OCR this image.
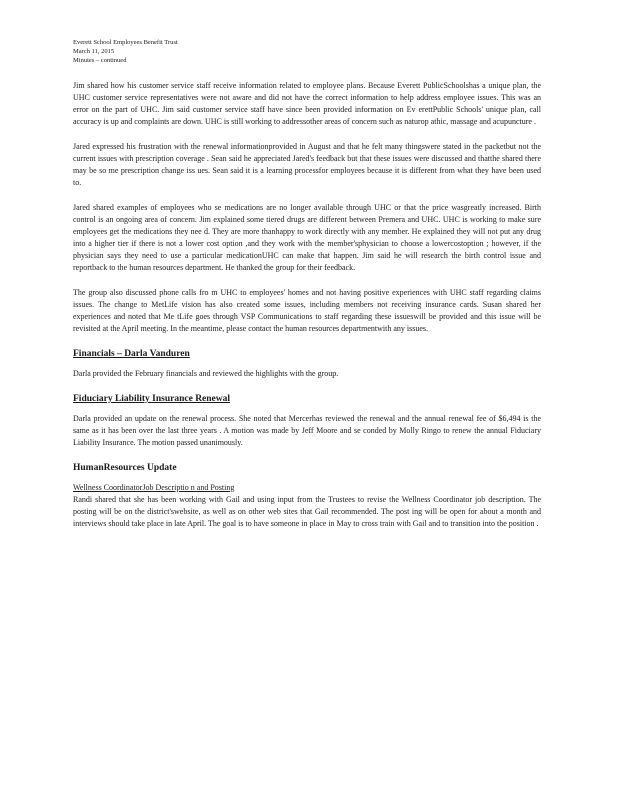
Everett School Employees Benefit Trust
March 11, 2015
Minutes – continued

Jim shared how his customer service staff receive information related to employee plans. Because Everett PublicSchoolshas a unique plan, the UHC customer service representatives were not aware and did not have the correct information to help address employee issues. This was an error on the part of UHC. Jim said customer service staff have since been provided information on Ev erettPublic Schools' unique plan, call accuracy is up and complaints are down. UHC is still working to addressother areas of concern such as naturop athic, massage and acupuncture .

Jared expressed his frustration with the renewal informationprovided in August and that he felt many thingswere stated in the packetbut not the current issues with prescription coverage . Sean said he appreciated Jared's feedback but that these issues were discussed and thatthe shared there may be so me prescription change iss ues. Sean said it is a learning processfor employees because it is different from what they have been used to.

Jared shared examples of employees who se medications are no longer available through UHC or that the price wasgreatly increased. Birth control is an ongoing area of concern. Jim explained some tiered drugs are different between Premera and UHC. UHC is working to make sure employees get the medications they nee d. They are more thanhappy to work directly with any member. He explained they will not put any drug into a higher tier if there is not a lower cost option ,and they work with the member'sphysician to choose a lowercostoption ; however, if the physician says they need to use a particular medicationUHC can make that happen. Jim said he will research the birth control issue and reportback to the human resources department. He thanked the group for their feedback.

The group also discussed phone calls fro m UHC to employees' homes and not having positive experiences with UHC staff regarding claims issues. The change to MetLife vision has also created some issues, including members not receiving insurance cards. Susan shared her experiences and noted that Me tLife goes through VSP Communications to staff regarding these issueswill be provided and this issue will be revisited at the April meeting. In the meantime, please contact the human resources departmentwith any issues.

Financials – Darla Vanduren

Darla provided the February financials and reviewed the highlights with the group.

Fiduciary Liability Insurance Renewal

Darla provided an update on the renewal process. She noted that Mercerhas reviewed the renewal and the annual renewal fee of $6,494 is the same as it has been over the last three years . A motion was made by Jeff Moore and se conded by Molly Ringo to renew the annual Fiduciary Liability Insurance. The motion passed unanimously.

HumanResources Update
Wellness CoordinatorJob Descriptio n and Posting

Randi shared that she has been working with Gail and using input from the Trustees to revise the Wellness Coordinator job description. The posting will be on the district'swebsite, as well as on other web sites that Gail recommended. The post ing will be open for about a month and interviews should take place in late April. The goal is to have someone in place in May to cross train with Gail and to transition into the position .
